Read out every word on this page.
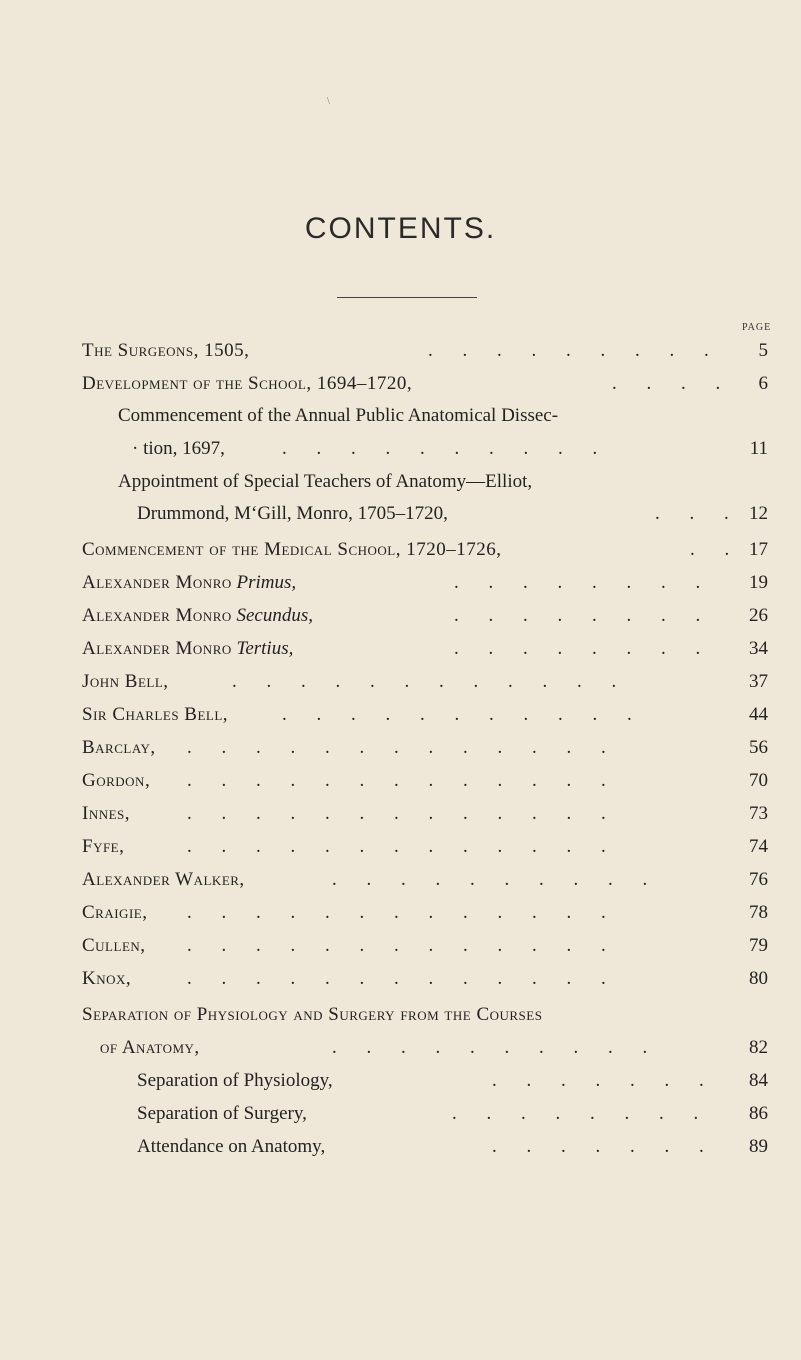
\
CONTENTS.
PAGE
The Surgeons, 1505,	. . . . . . . . . 5
Development of the School, 1694–1720,	. . . . 6
Commencement of the Annual Public Anatomical Dissec-
· tion, 1697,	. . . . . . . . . .	11
Appointment of Special Teachers of Anatomy—Elliot,
Drummond, M‘Gill, Monro, 1705–1720,	. . . 12
Commencement of the Medical School, 1720–1726,	. . 17
Alexander Monro Primus,	. . . . . . . . 19
Alexander Monro Secundus,	. . . . . . . . 26
Alexander Monro Tertius,	. . . . . . . . 34
John Bell,	. . . . . . . . . . . .	37
Sir Charles Bell,	. . . . . . . . . . .	44
Barclay, . . . . . . . . . . . . .	56
Gordon, . . . . . . . . . . . . .	70
Innes,	. . . . . . . . . . . . .	73
Fyfe,	. . . . . . . . . . . . .	74
Alexander Walker,	. . . . . . . . . .	76
Craigie, . . . . . . . . . . . . .	78
Cullen, . . . . . . . . . . . . .	79
Knox,	. . . . . . . . . . . . .	80
Separation of Physiology and Surgery from the Courses
of Anatomy,	. . . . . . . . . .	82
Separation of Physiology,	. . . . . . . 84
Separation of Surgery,	. . . . . . . . 86
Attendance on Anatomy,	. . . . . . . 89
